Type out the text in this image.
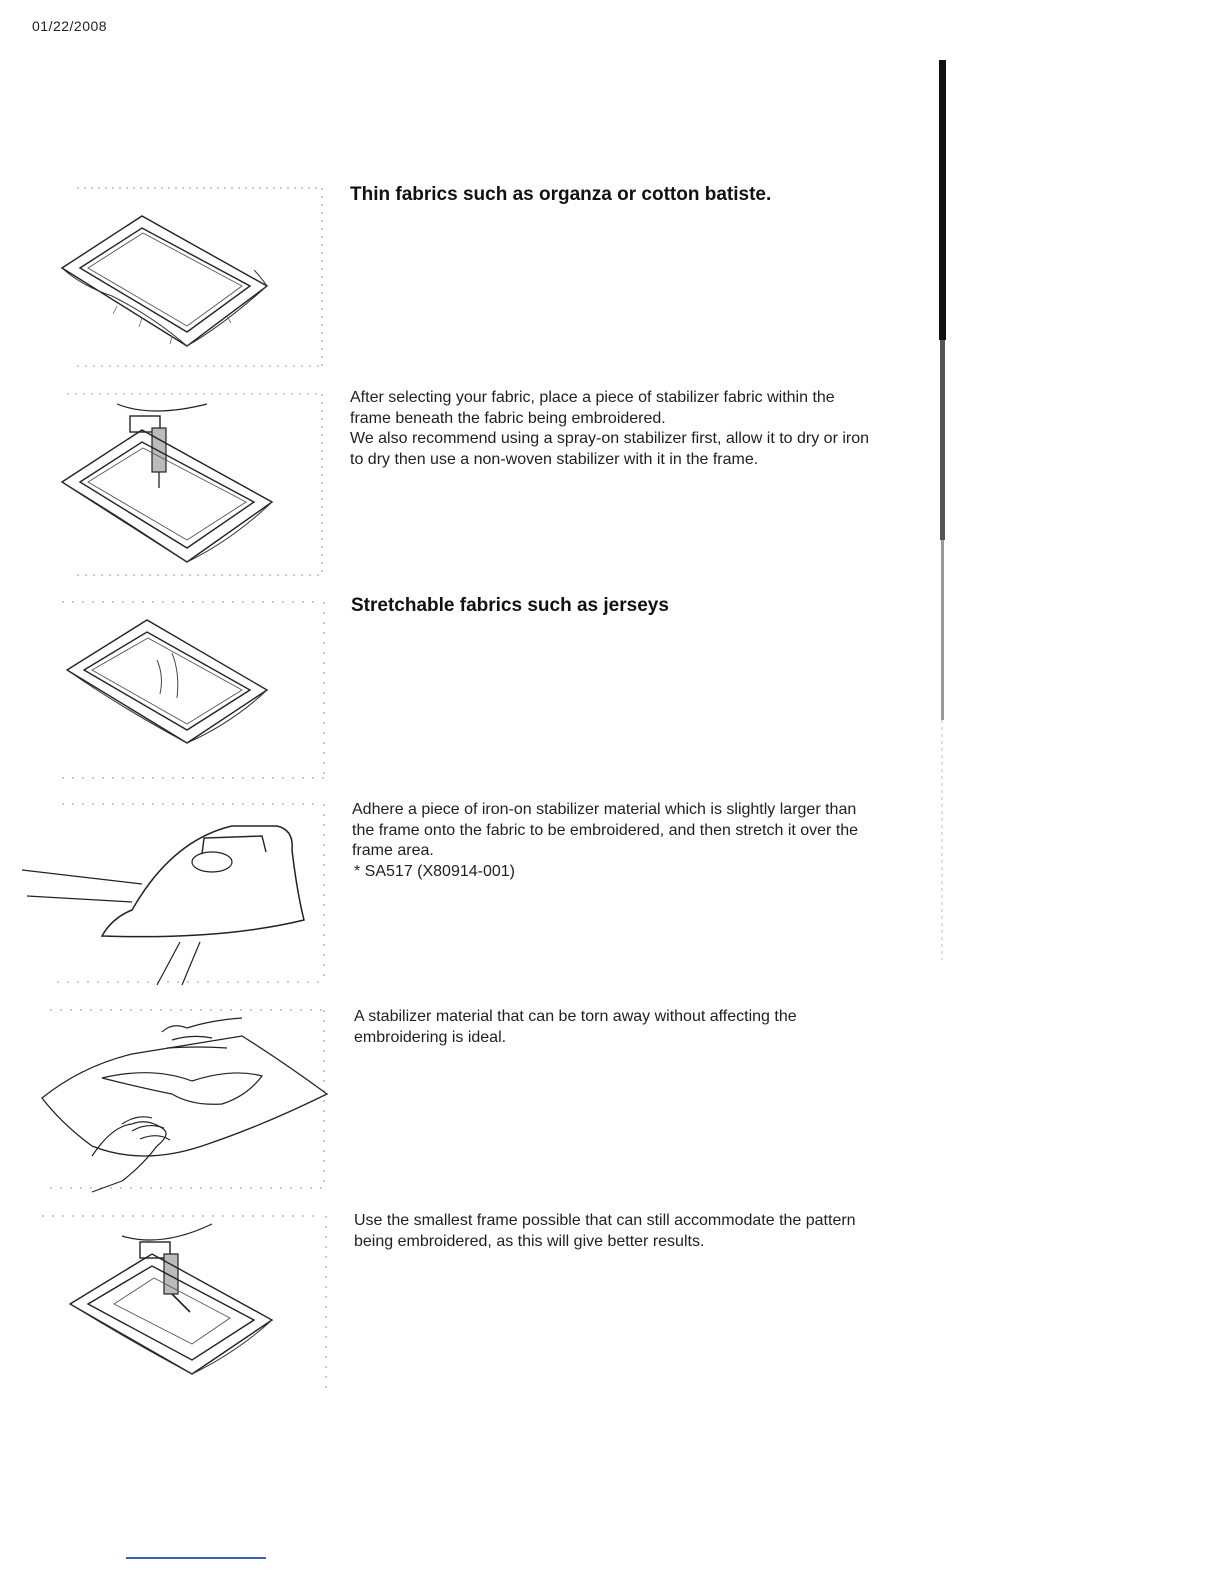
01/22/2008
Thin fabrics such as organza or cotton batiste.

After selecting your fabric, place a piece of stabilizer fabric within the frame beneath the fabric being embroidered.

We also recommend using a spray-on stabilizer first, allow it to dry or iron to dry then use a non-woven stabilizer with it in the frame.

Stretchable fabrics such as jerseys

Adhere a piece of iron-on stabilizer material which is slightly larger than the frame onto the fabric to be embroidered, and then stretch it over the frame area.

* SA517 (X80914-001)

A stabilizer material that can be torn away without affecting the embroidering is ideal.

Use the smallest frame possible that can still accommodate the pattern being embroidered, as this will give better results.
